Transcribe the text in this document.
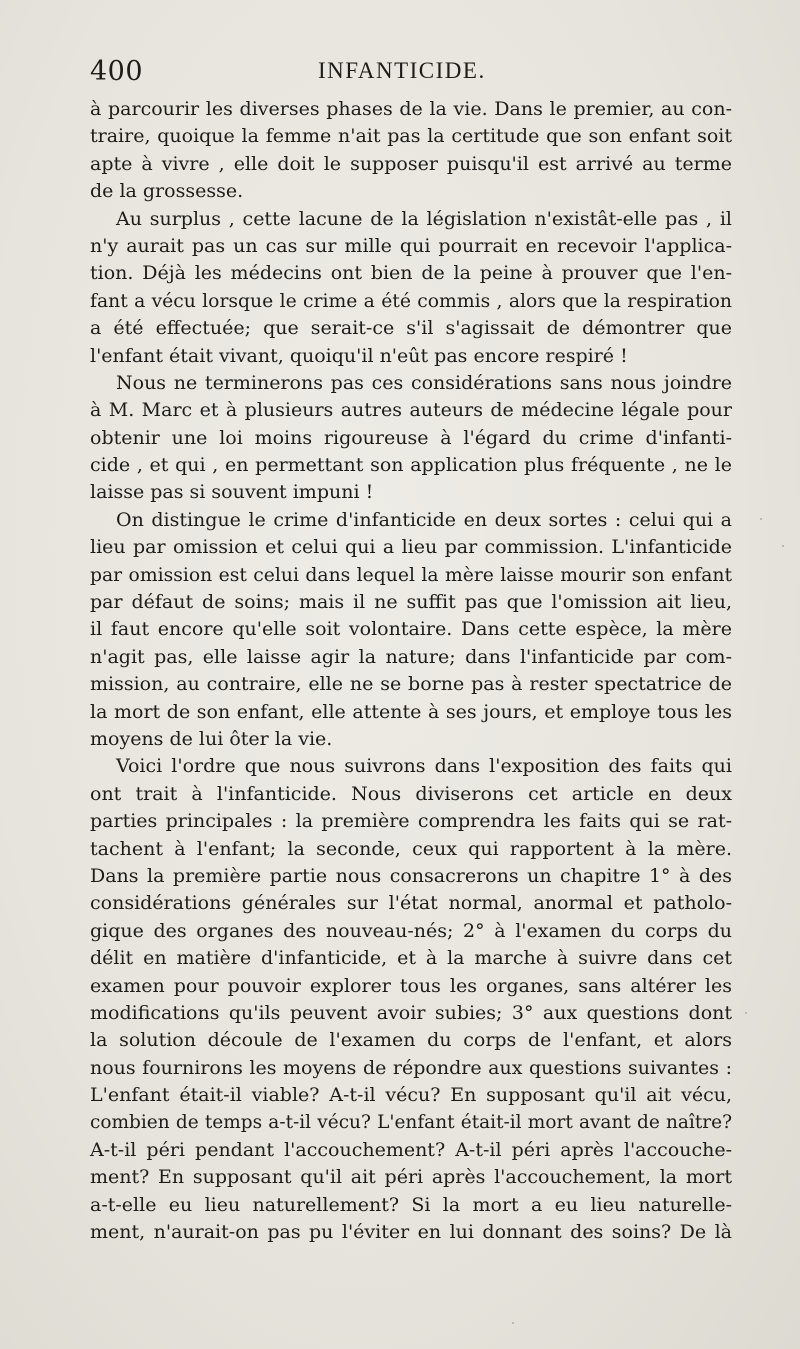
400	INFANTICIDE.
à parcourir les diverses phases de la vie. Dans le premier, au con-
traire, quoique la femme n'ait pas la certitude que son enfant soit
apte à vivre , elle doit le supposer puisqu'il est arrivé au terme
de la grossesse.
Au surplus , cette lacune de la législation n'existât-elle pas , il
n'y aurait pas un cas sur mille qui pourrait en recevoir l'applica-
tion. Déjà les médecins ont bien de la peine à prouver que l'en-
fant a vécu lorsque le crime a été commis , alors que la respiration
a été effectuée; que serait-ce s'il s'agissait de démontrer que
l'enfant était vivant, quoiqu'il n'eût pas encore respiré !
Nous ne terminerons pas ces considérations sans nous joindre
à M. Marc et à plusieurs autres auteurs de médecine légale pour
obtenir une loi moins rigoureuse à l'égard du crime d'infanti-
cide , et qui , en permettant son application plus fréquente , ne le
laisse pas si souvent impuni !
On distingue le crime d'infanticide en deux sortes : celui qui a
lieu par omission et celui qui a lieu par commission. L'infanticide
par omission est celui dans lequel la mère laisse mourir son enfant
par défaut de soins; mais il ne suffit pas que l'omission ait lieu,
il faut encore qu'elle soit volontaire. Dans cette espèce, la mère
n'agit pas, elle laisse agir la nature; dans l'infanticide par com-
mission, au contraire, elle ne se borne pas à rester spectatrice de
la mort de son enfant, elle attente à ses jours, et employe tous les
moyens de lui ôter la vie.
Voici l'ordre que nous suivrons dans l'exposition des faits qui
ont trait à l'infanticide. Nous diviserons cet article en deux
parties principales : la première comprendra les faits qui se rat-
tachent à l'enfant; la seconde, ceux qui rapportent à la mère.
Dans la première partie nous consacrerons un chapitre 1° à des
considérations générales sur l'état normal, anormal et patholo-
gique des organes des nouveau-nés; 2° à l'examen du corps du
délit en matière d'infanticide, et à la marche à suivre dans cet
examen pour pouvoir explorer tous les organes, sans altérer les
modifications qu'ils peuvent avoir subies; 3° aux questions dont
la solution découle de l'examen du corps de l'enfant, et alors
nous fournirons les moyens de répondre aux questions suivantes :
L'enfant était-il viable? A-t-il vécu? En supposant qu'il ait vécu,
combien de temps a-t-il vécu? L'enfant était-il mort avant de naître?
A-t-il péri pendant l'accouchement? A-t-il péri après l'accouche-
ment? En supposant qu'il ait péri après l'accouchement, la mort
a-t-elle eu lieu naturellement? Si la mort a eu lieu naturelle-
ment, n'aurait-on pas pu l'éviter en lui donnant des soins? De là
